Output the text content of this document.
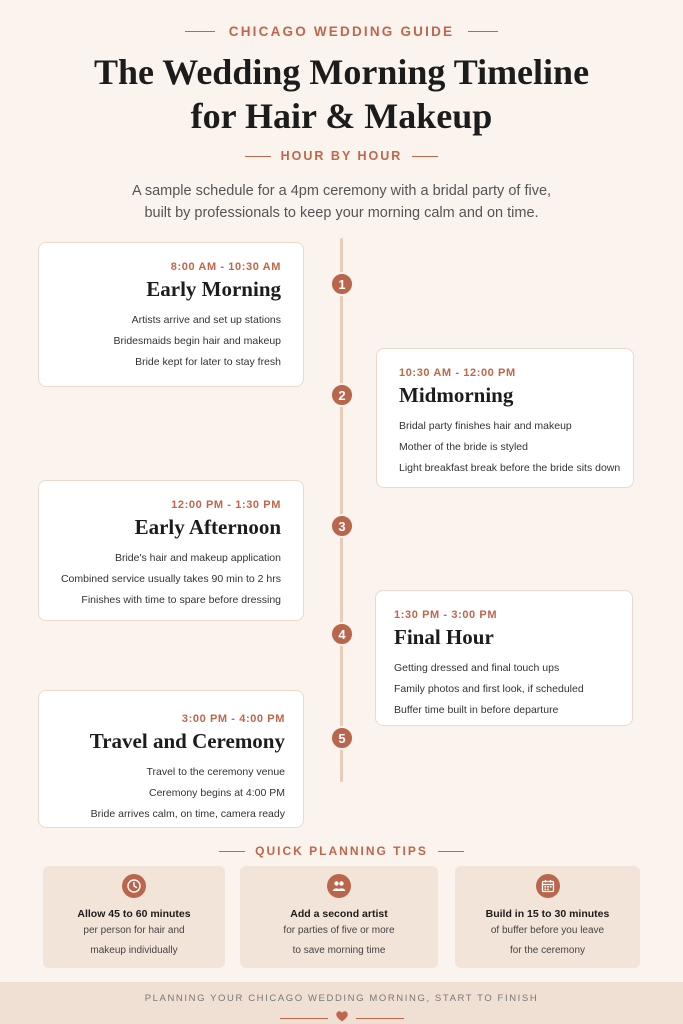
CHICAGO WEDDING GUIDE
The Wedding Morning Timeline
for Hair & Makeup
HOUR BY HOUR
A sample schedule for a 4pm ceremony with a bridal party of five,
built by professionals to keep your morning calm and on time.
8:00 AM - 10:30 AM
Early Morning
Artists arrive and set up stations
Bridesmaids begin hair and makeup
Bride kept for later to stay fresh
1
10:30 AM - 12:00 PM
Midmorning
Bridal party finishes hair and makeup
Mother of the bride is styled
Light breakfast break before the bride sits down
2
12:00 PM - 1:30 PM
Early Afternoon
Bride's hair and makeup application
Combined service usually takes 90 min to 2 hrs
Finishes with time to spare before dressing
3
1:30 PM - 3:00 PM
Final Hour
Getting dressed and final touch ups
Family photos and first look, if scheduled
Buffer time built in before departure
4
3:00 PM - 4:00 PM
Travel and Ceremony
Travel to the ceremony venue
Ceremony begins at 4:00 PM
Bride arrives calm, on time, camera ready
5
QUICK PLANNING TIPS
Allow 45 to 60 minutes
per person for hair and
makeup individually
Add a second artist
for parties of five or more
to save morning time
Build in 15 to 30 minutes
of buffer before you leave
for the ceremony
PLANNING YOUR CHICAGO WEDDING MORNING, START TO FINISH
